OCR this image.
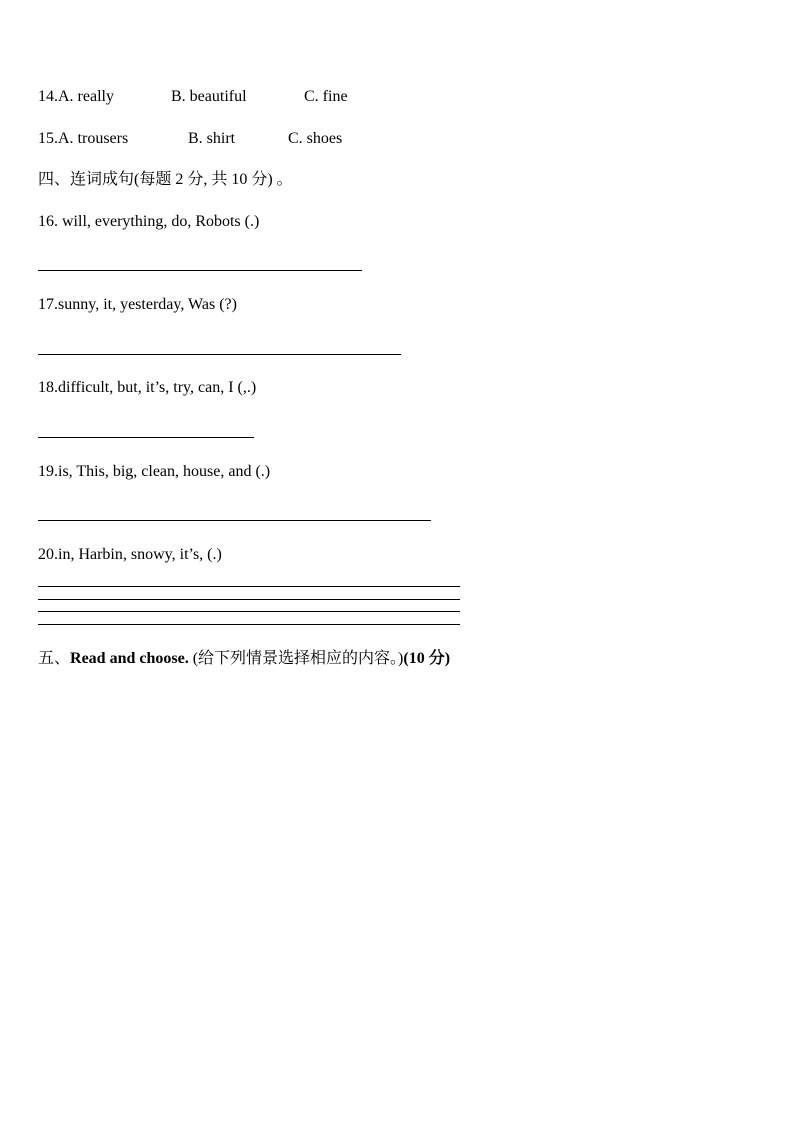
14.A. really	B. beautiful	C. fine
15.A. trousers	B. shirt	C. shoes
四、连词成句(每题 2 分, 共 10 分) 。
16. will, everything, do, Robots (.)
17.sunny, it, yesterday, Was (?)
18.difficult, but, it’s, try, can, I (,.)
19.is, This, big, clean, house, and (.)
20.in, Harbin, snowy, it’s, (.)
五、Read and choose. (给下列情景选择相应的内容。)(10 分)
